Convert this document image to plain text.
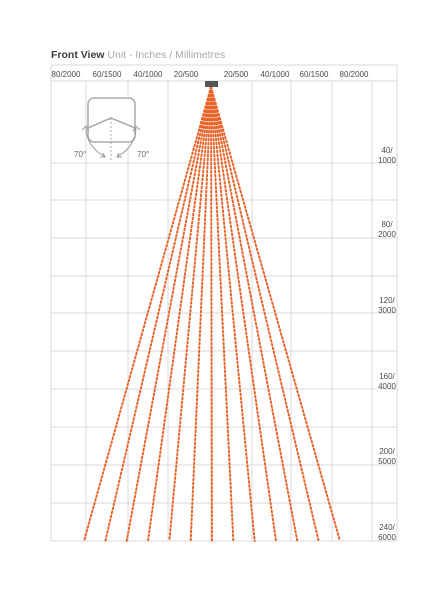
Front View Unit - Inches / Millimetres
80/2000 60/1500 40/1000 20/500	20/500 40/1000 60/1500 80/2000
70°	70°	40/
1000
80/
2000
120/
3000
160/
4000
200/
5000
240/
6000
